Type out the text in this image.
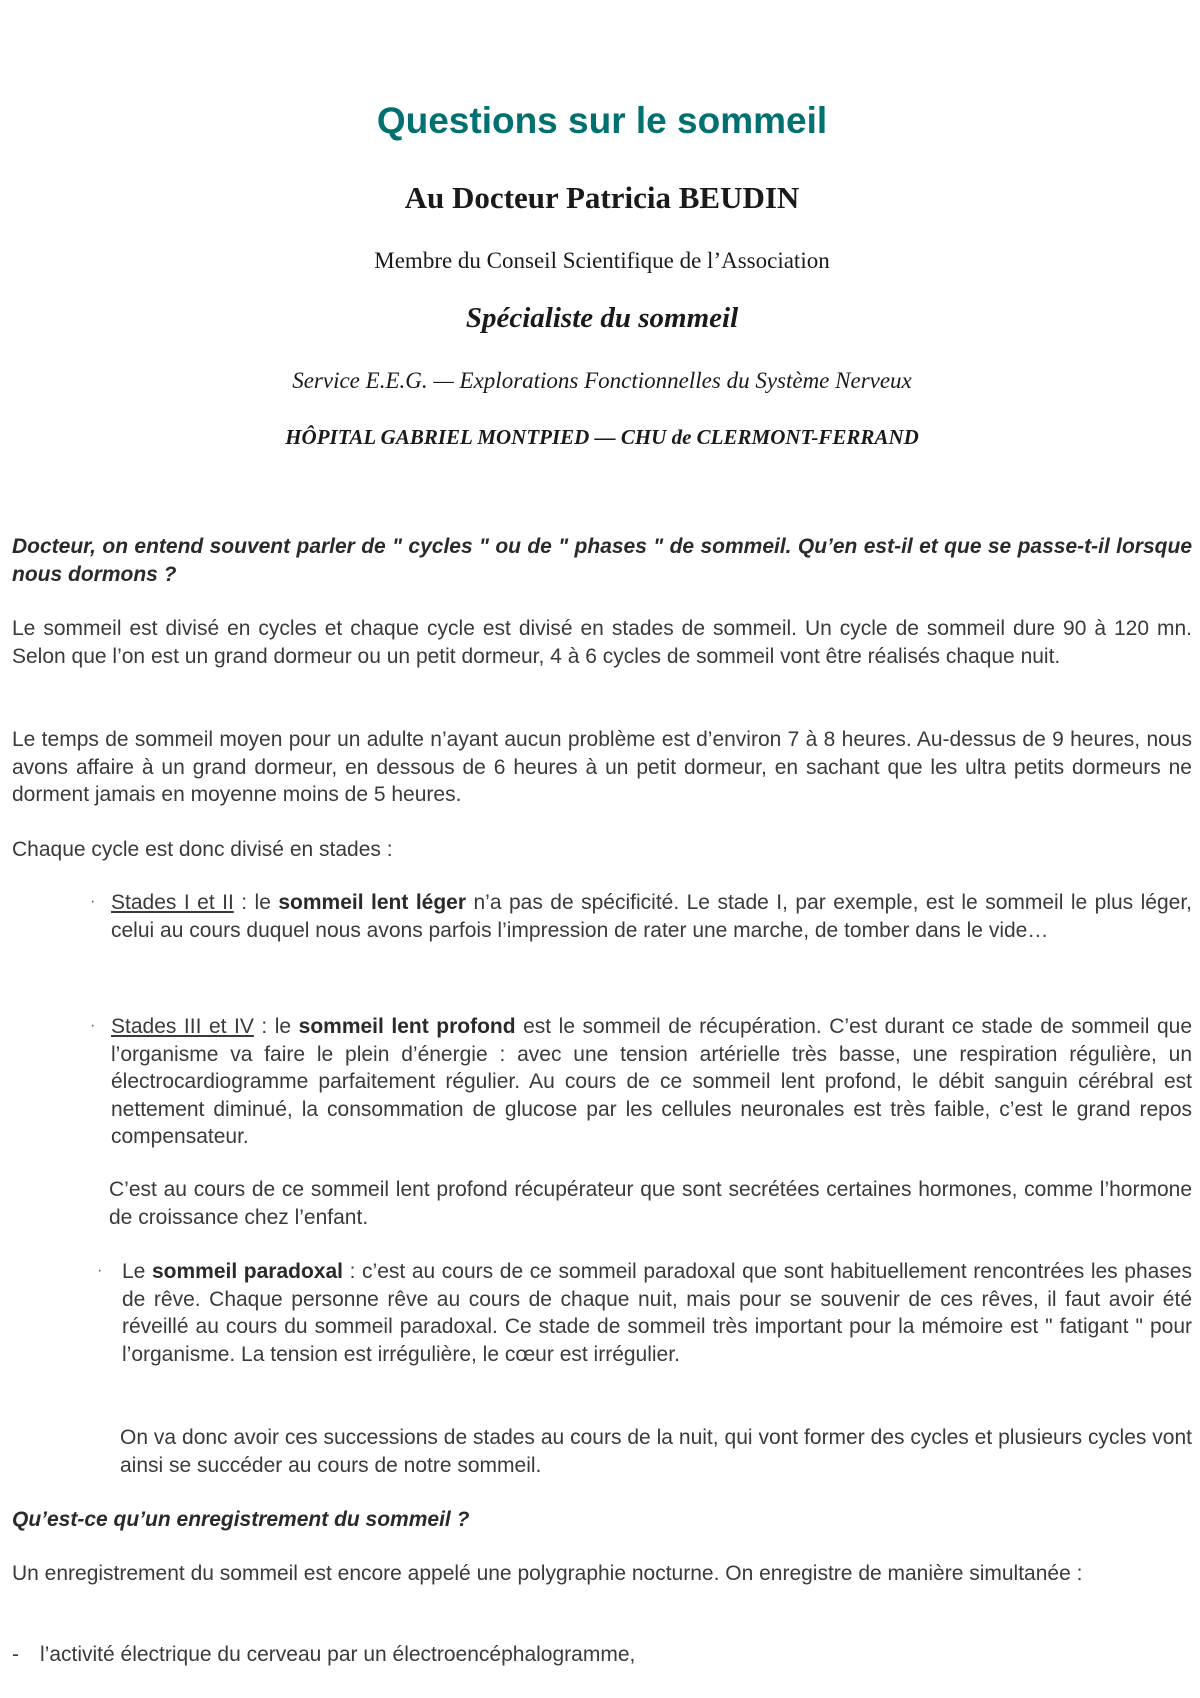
Questions sur le sommeil
Au Docteur Patricia BEUDIN
Membre du Conseil Scientifique de l’Association
Spécialiste du sommeil
Service E.E.G. — Explorations Fonctionnelles du Système Nerveux
HÔPITAL GABRIEL MONTPIED — CHU de CLERMONT-FERRAND
Docteur, on entend souvent parler de " cycles " ou de " phases " de sommeil. Qu’en est-il et que se passe-t-il lorsque nous dormons ?
Le sommeil est divisé en cycles et chaque cycle est divisé en stades de sommeil. Un cycle de sommeil dure 90 à 120 mn. Selon que l’on est un grand dormeur ou un petit dormeur, 4 à 6 cycles de sommeil vont être réalisés chaque nuit.
Le temps de sommeil moyen pour un adulte n’ayant aucun problème est d’environ 7 à 8 heures. Au-dessus de 9 heures, nous avons affaire à un grand dormeur, en dessous de 6 heures à un petit dormeur, en sachant que les ultra petits dormeurs ne dorment jamais en moyenne moins de 5 heures.
Chaque cycle est donc divisé en stades :
· Stades I et II : le sommeil lent léger n’a pas de spécificité. Le stade I, par exemple, est le sommeil le plus léger, celui au cours duquel nous avons parfois l’impression de rater une marche, de tomber dans le vide…
· Stades III et IV : le sommeil lent profond est le sommeil de récupération. C’est durant ce stade de sommeil que l’organisme va faire le plein d’énergie : avec une tension artérielle très basse, une respiration régulière, un électrocardiogramme parfaitement régulier. Au cours de ce sommeil lent profond, le débit sanguin cérébral est nettement diminué, la consommation de glucose par les cellules neuronales est très faible, c’est le grand repos compensateur.
C’est au cours de ce sommeil lent profond récupérateur que sont secrétées certaines hormones, comme l’hormone de croissance chez l’enfant.
· Le sommeil paradoxal : c’est au cours de ce sommeil paradoxal que sont habituellement rencontrées les phases de rêve. Chaque personne rêve au cours de chaque nuit, mais pour se souvenir de ces rêves, il faut avoir été réveillé au cours du sommeil paradoxal. Ce stade de sommeil très important pour la mémoire est " fatigant " pour l’organisme. La tension est irrégulière, le cœur est irrégulier.
On va donc avoir ces successions de stades au cours de la nuit, qui vont former des cycles et plusieurs cycles vont ainsi se succéder au cours de notre sommeil.
Qu’est-ce qu’un enregistrement du sommeil ?
Un enregistrement du sommeil est encore appelé une polygraphie nocturne. On enregistre de manière simultanée :
- l’activité électrique du cerveau par un électroencéphalogramme,
